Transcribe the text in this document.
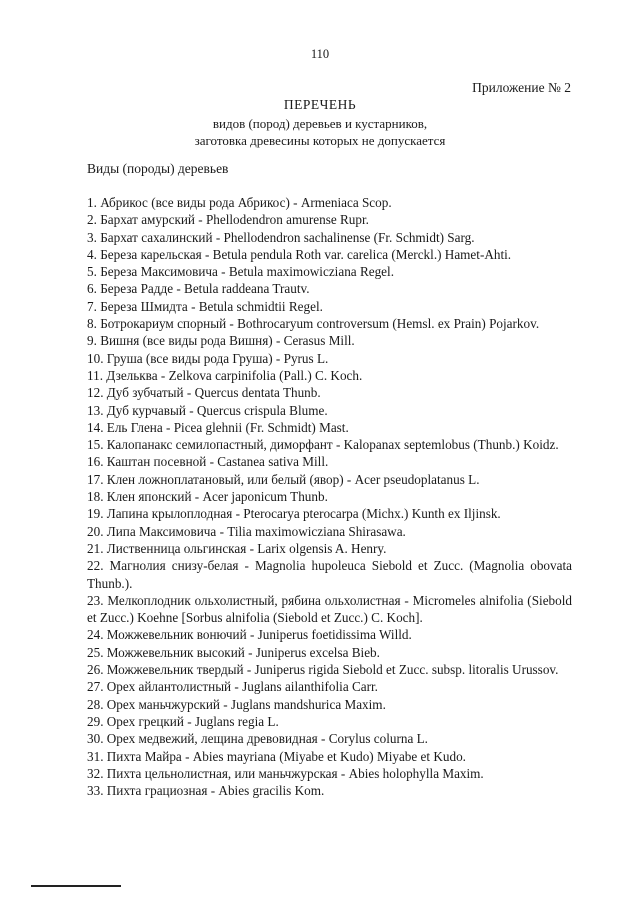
110
Приложение № 2
ПЕРЕЧЕНЬ
видов (пород) деревьев и кустарников,
заготовка древесины которых не допускается
Виды (породы) деревьев
1. Абрикос (все виды рода Абрикос) - Armeniaca Scop.
2. Бархат амурский - Phellodendron amurense Rupr.
3. Бархат сахалинский - Phellodendron sachalinense (Fr. Schmidt) Sarg.
4. Береза карельская - Betula pendula Roth var. carelica (Merckl.) Hamet-Ahti.
5. Береза Максимовича - Betula maximowicziana Regel.
6. Береза Радде - Betula raddeana Trautv.
7. Береза Шмидта - Betula schmidtii Regel.
8. Ботрокариум спорный - Bothrocaryum controversum (Hemsl. ex Prain) Pojarkov.
9. Вишня (все виды рода Вишня) - Cerasus Mill.
10. Груша (все виды рода Груша) - Pyrus L.
11. Дзельква - Zelkova carpinifolia (Pall.) C. Koch.
12. Дуб зубчатый - Quercus dentata Thunb.
13. Дуб курчавый - Quercus crispula Blume.
14. Ель Глена - Picea glehnii (Fr. Schmidt) Mast.
15. Калопанакс семилопастный, диморфант - Kalopanax septemlobus (Thunb.) Koidz.
16. Каштан посевной - Castanea sativa Mill.
17. Клен ложноплатановый, или белый (явор) - Acer pseudoplatanus L.
18. Клен японский - Acer japonicum Thunb.
19. Лапина крылоплодная - Pterocarya pterocarpa (Michx.) Kunth ex Iljinsk.
20. Липа Максимовича - Tilia maximowicziana Shirasawa.
21. Лиственница ольгинская - Larix olgensis A. Henry.
22. Магнолия снизу-белая - Magnolia hupoleuca Siebold et Zucc. (Magnolia obovata Thunb.).
23. Мелкоплодник ольхолистный, рябина ольхолистная - Micromeles alnifolia (Siebold et Zucc.) Koehne [Sorbus alnifolia (Siebold et Zucc.) C. Koch].
24. Можжевельник вонючий - Juniperus foetidissima Willd.
25. Можжевельник высокий - Juniperus excelsa Bieb.
26. Можжевельник твердый - Juniperus rigida Siebold et Zucc. subsp. litoralis Urussov.
27. Орех айлантолистный - Juglans ailanthifolia Carr.
28. Орех маньчжурский - Juglans mandshurica Maxim.
29. Орех грецкий - Juglans regia L.
30. Орех медвежий, лещина древовидная - Corylus colurna L.
31. Пихта Майра - Abies mayriana (Miyabe et Kudo) Miyabe et Kudo.
32. Пихта цельнолистная, или маньчжурская - Abies holophylla Maxim.
33. Пихта грациозная - Abies gracilis Kom.
